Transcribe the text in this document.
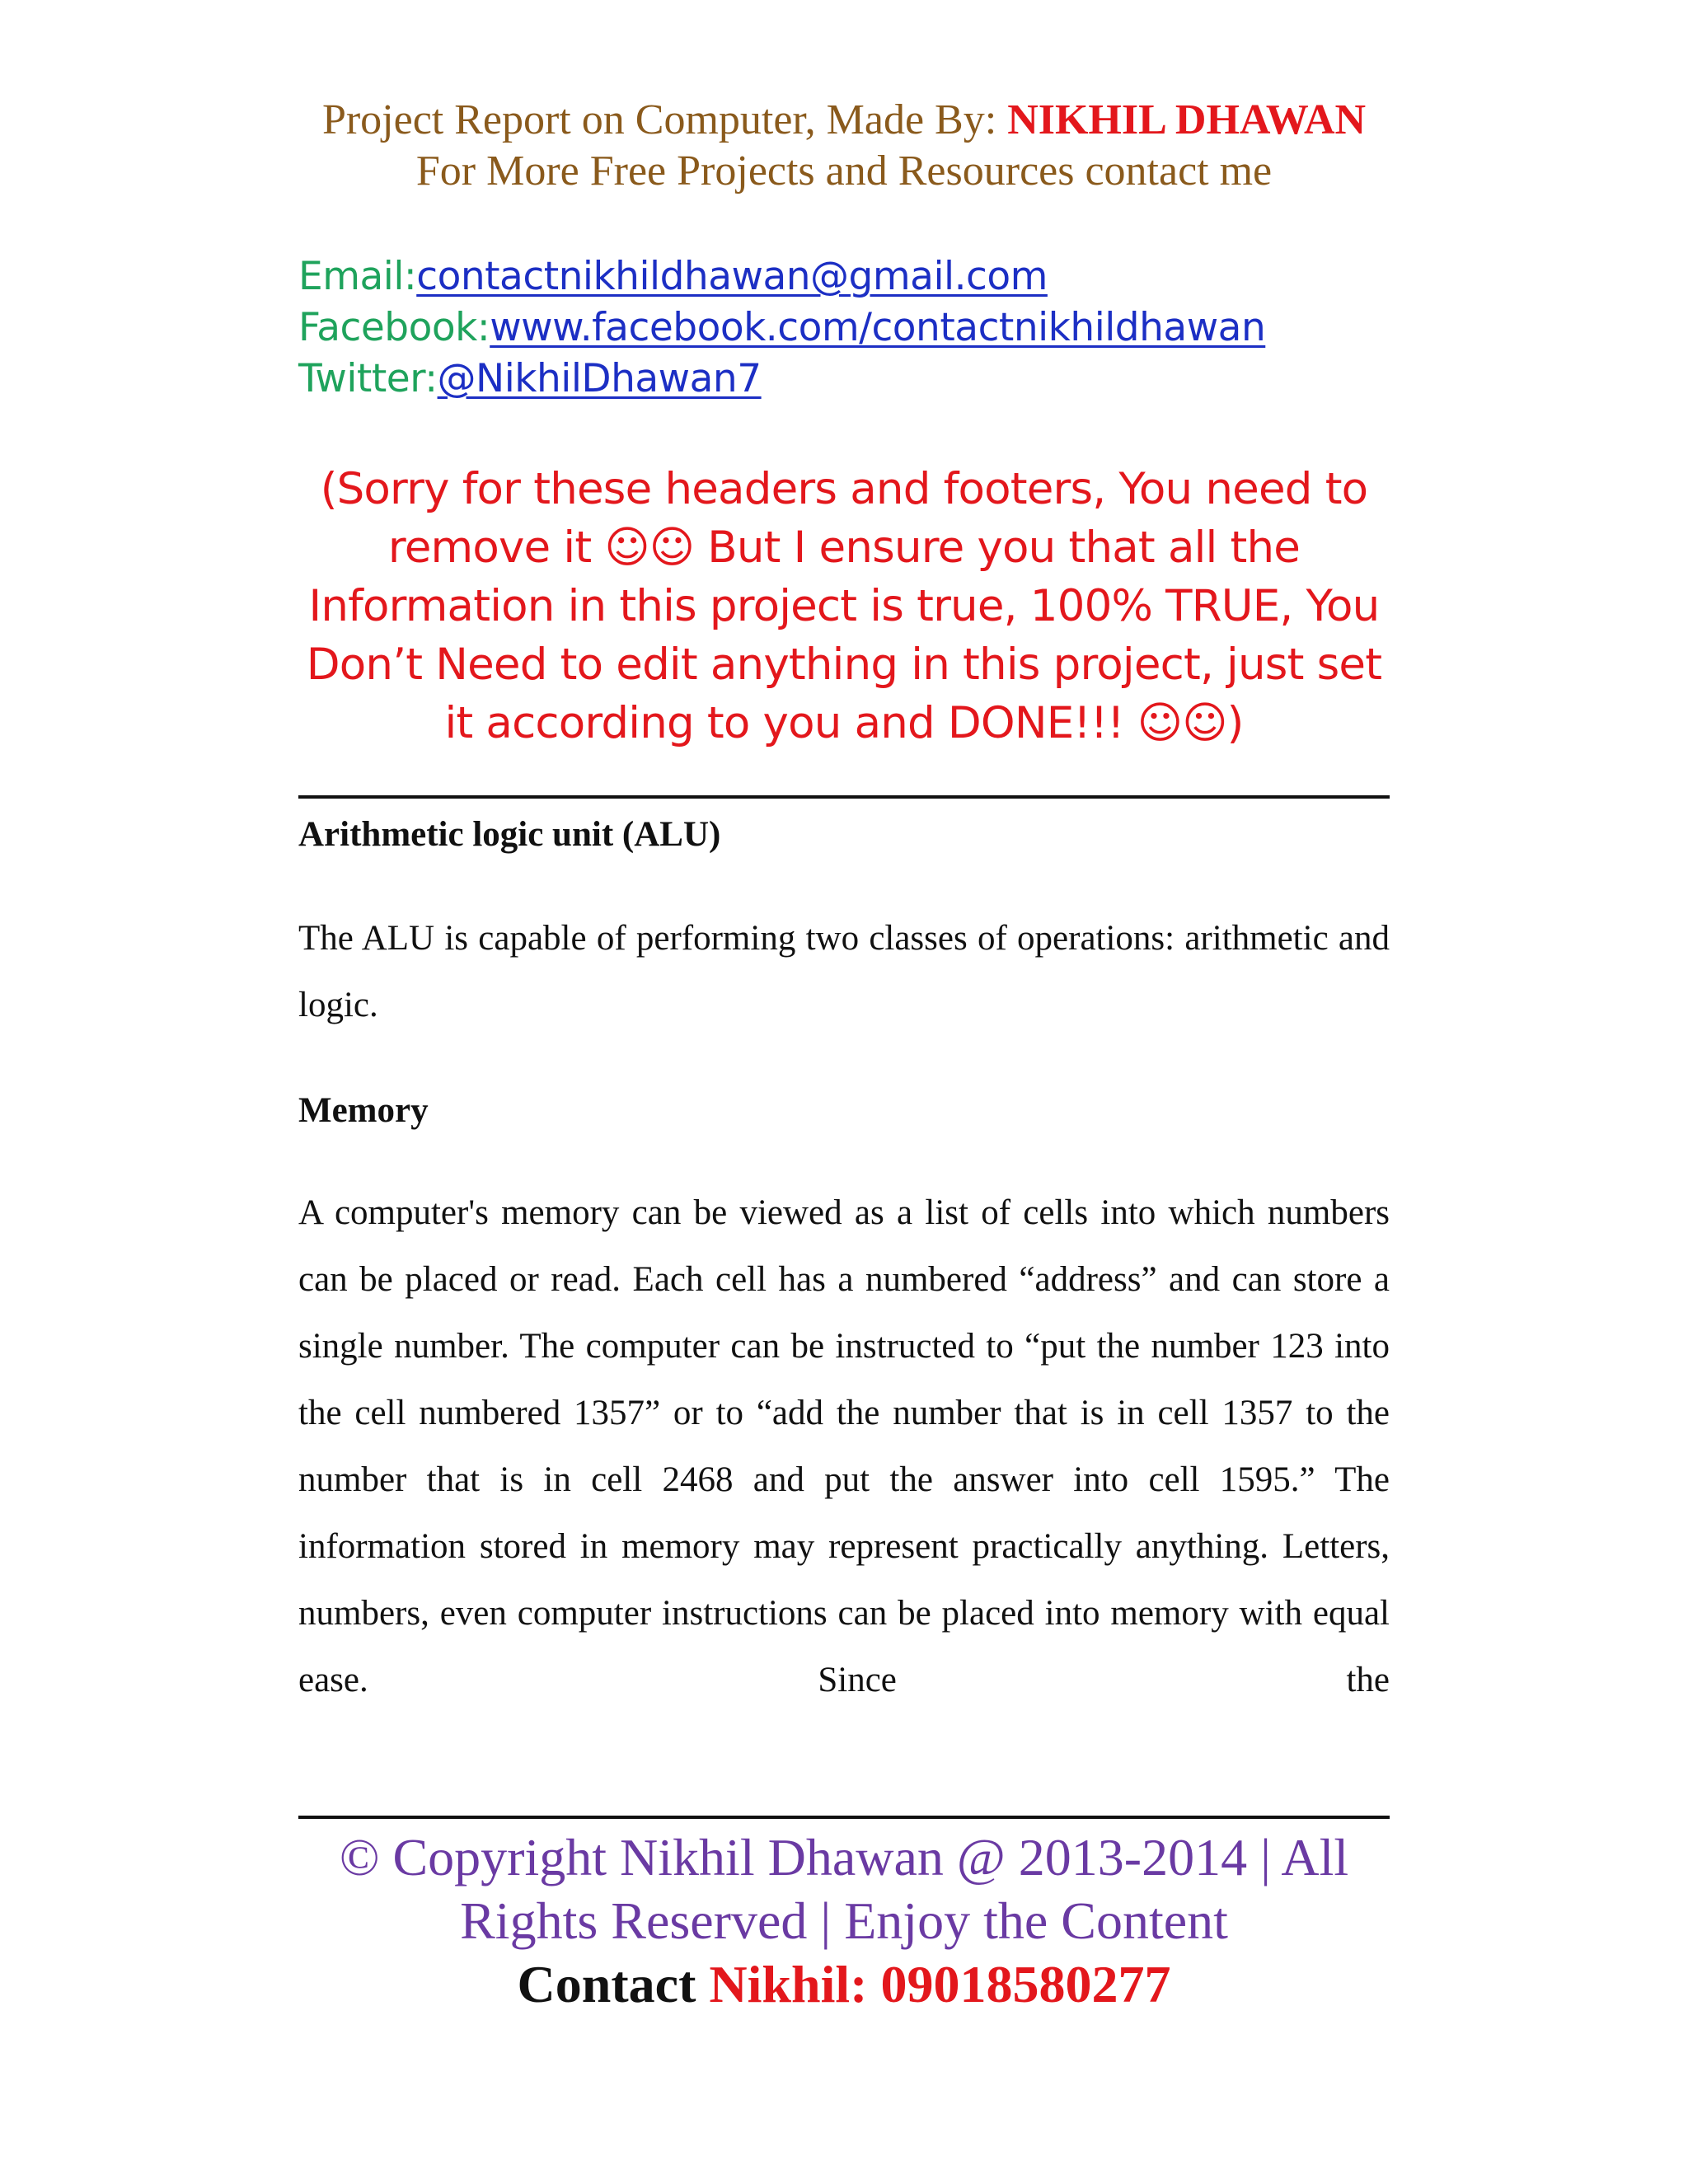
Project Report on Computer, Made By: NIKHIL DHAWAN
For More Free Projects and Resources contact me
Email:contactnikhildhawan@gmail.com
Facebook:www.facebook.com/contactnikhildhawan
Twitter:@NikhilDhawan7
(Sorry for these headers and footers, You need to
remove it ☺☺ But I ensure you that all the
Information in this project is true, 100% TRUE, You
Don’t Need to edit anything in this project, just set
it according to you and DONE!!! ☺☺)
Arithmetic logic unit (ALU)
The ALU is capable of performing two classes of operations: arithmetic and logic.
Memory
A computer's memory can be viewed as a list of cells into which numbers can be placed or read. Each cell has a numbered “address” and can store a single number. The computer can be instructed to “put the number 123 into the cell numbered 1357” or to “add the number that is in cell 1357 to the number that is in cell 2468 and put the answer into cell 1595.” The information stored in memory may represent practically anything. Letters, numbers, even computer instructions can be placed into memory with equal ease. Since the
© Copyright Nikhil Dhawan @ 2013-2014 | All
Rights Reserved | Enjoy the Content
Contact Nikhil: 09018580277
